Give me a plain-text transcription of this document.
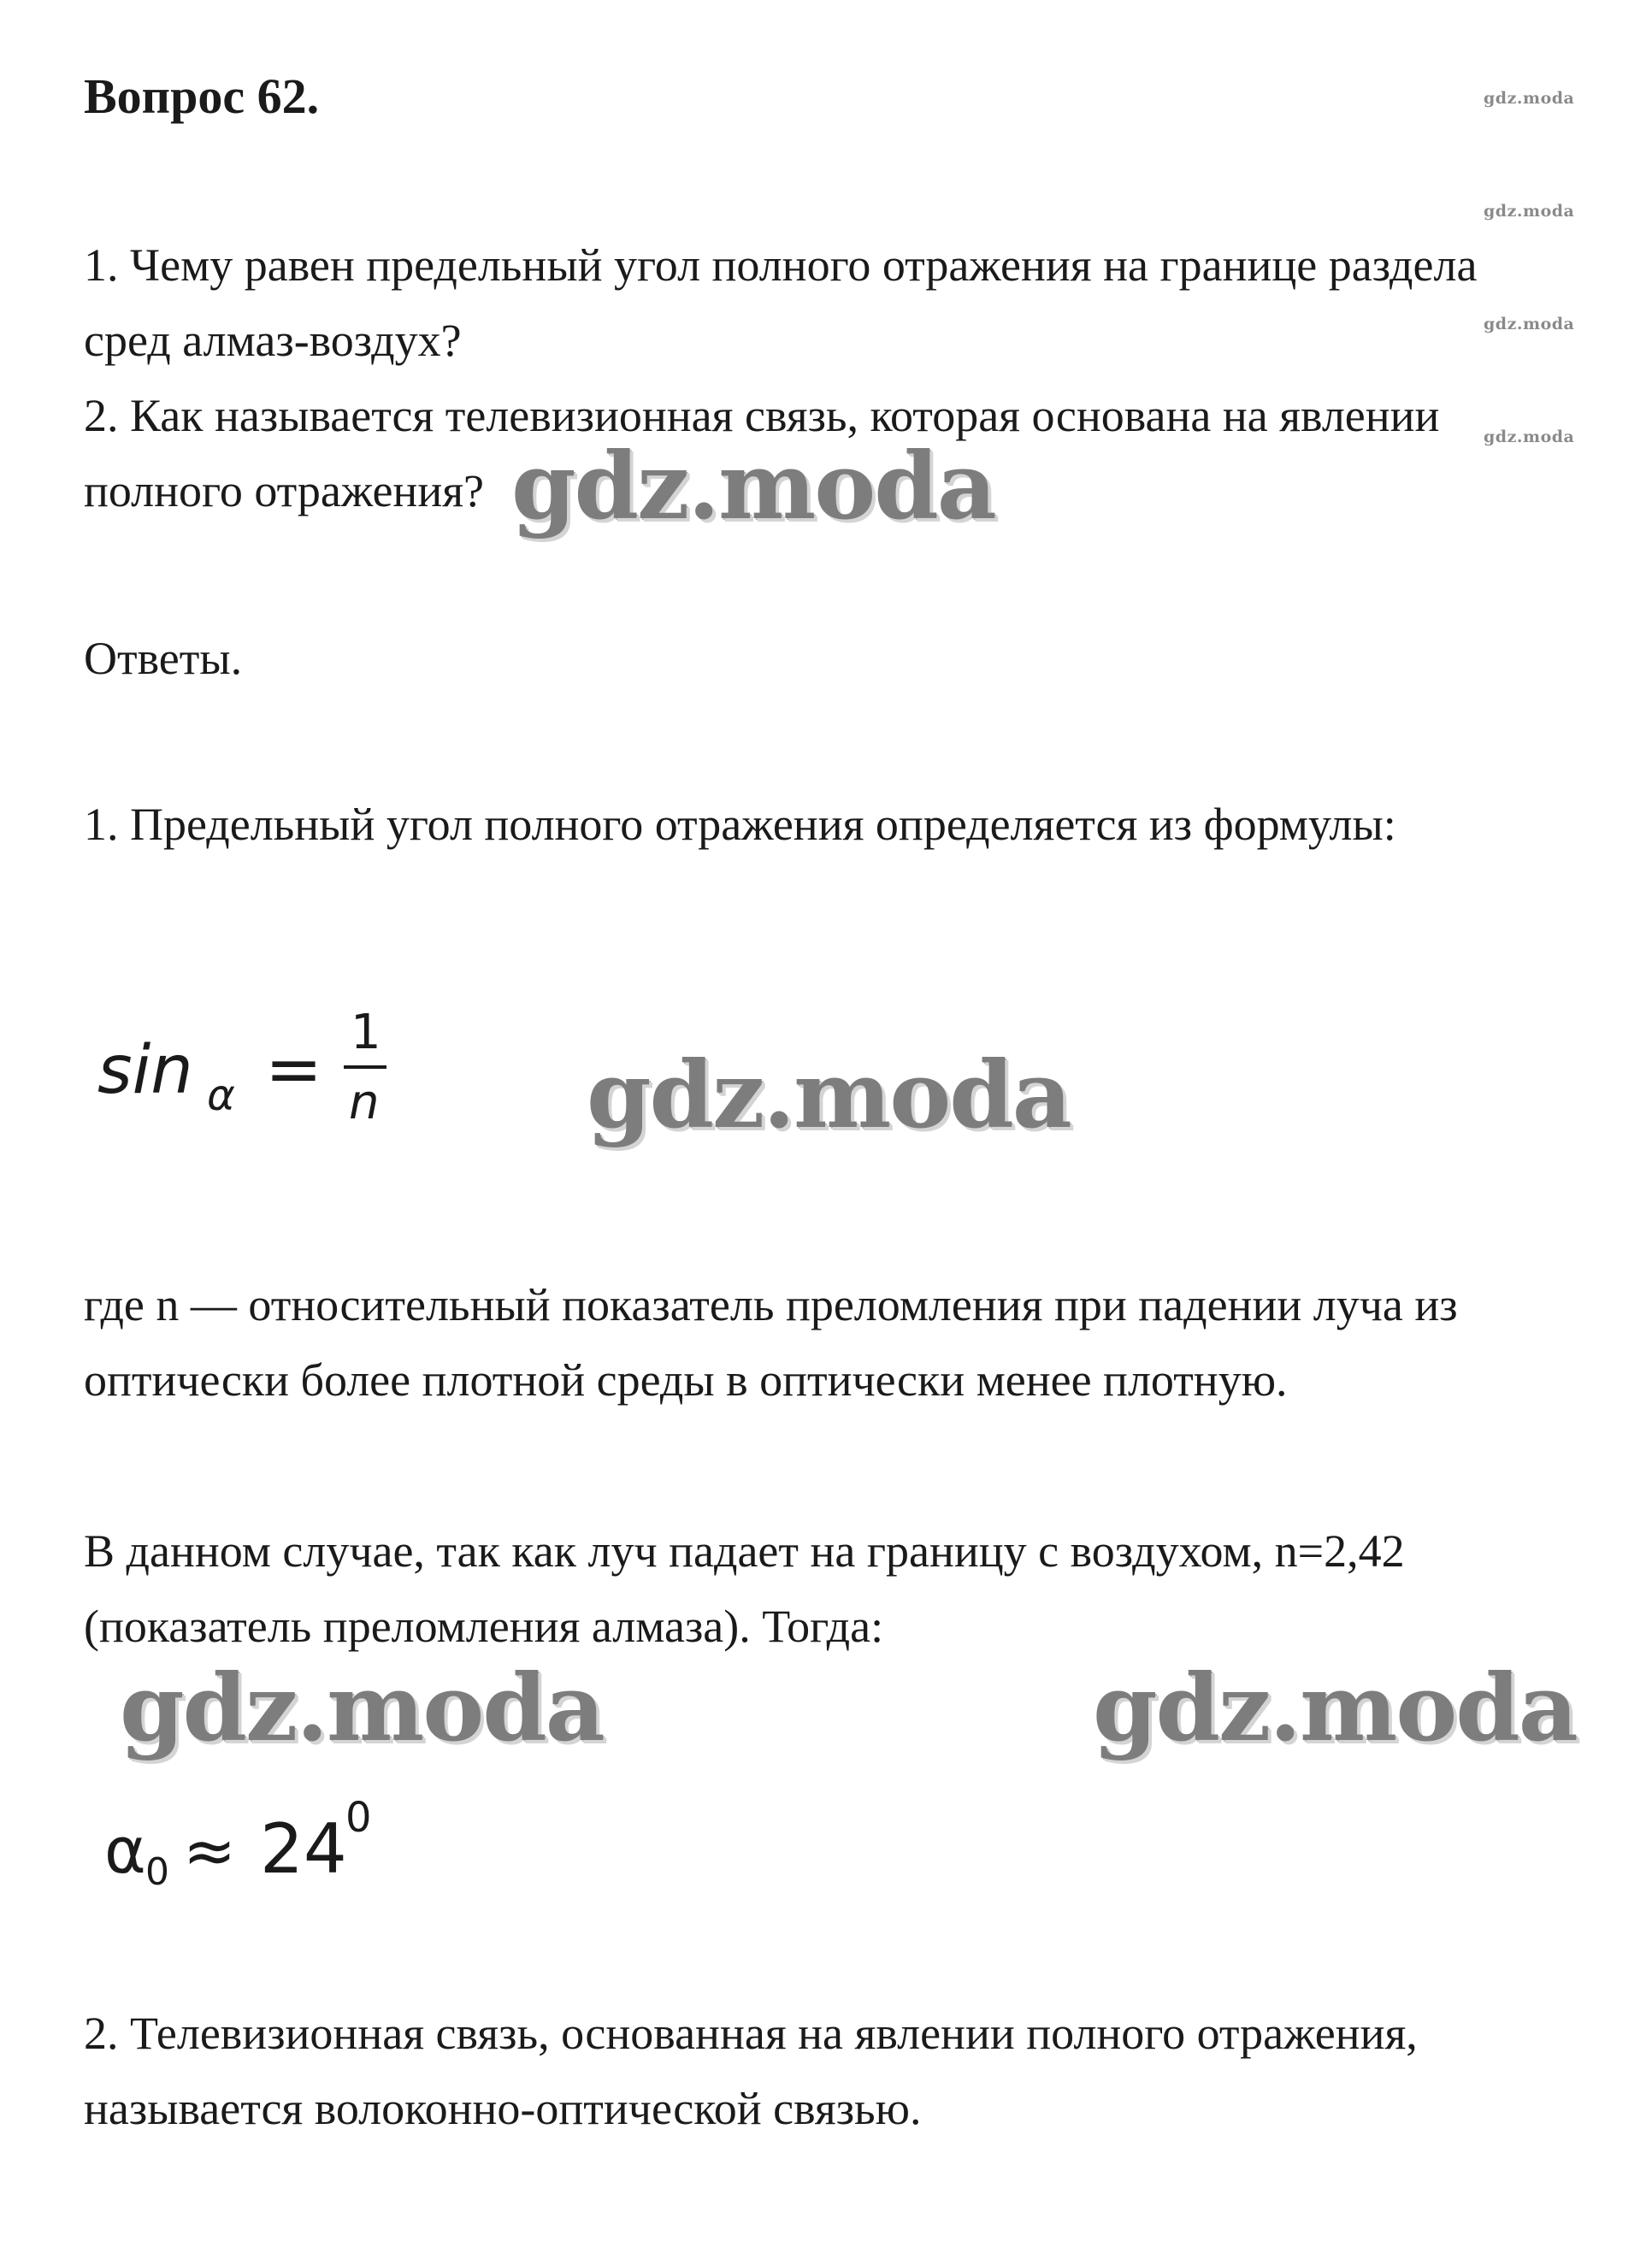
Вопрос 62.	gdz.moda
gdz.moda
gdz.moda
gdz.moda

1. Чему равен предельный угол полного отражения на границе раздела

сред алмаз-воздух?

2. Как называется телевизионная связь, которая основана на явлении

полного отражения? gdz.moda

Ответы.

1. Предельный угол полного отражения определяется из формулы:

sin α = 1
n gdz.moda

где n — относительный показатель преломления при падении луча из

оптически более плотной среды в оптически менее плотную.

В данном случае, так как луч падает на границу с воздухом, n=2,42

(показатель преломления алмаза). Тогда:

gdz.moda	gdz.moda
α 0 ≈ 24
0

2. Телевизионная связь, основанная на явлении полного отражения,

называется волоконно-оптической связью.
